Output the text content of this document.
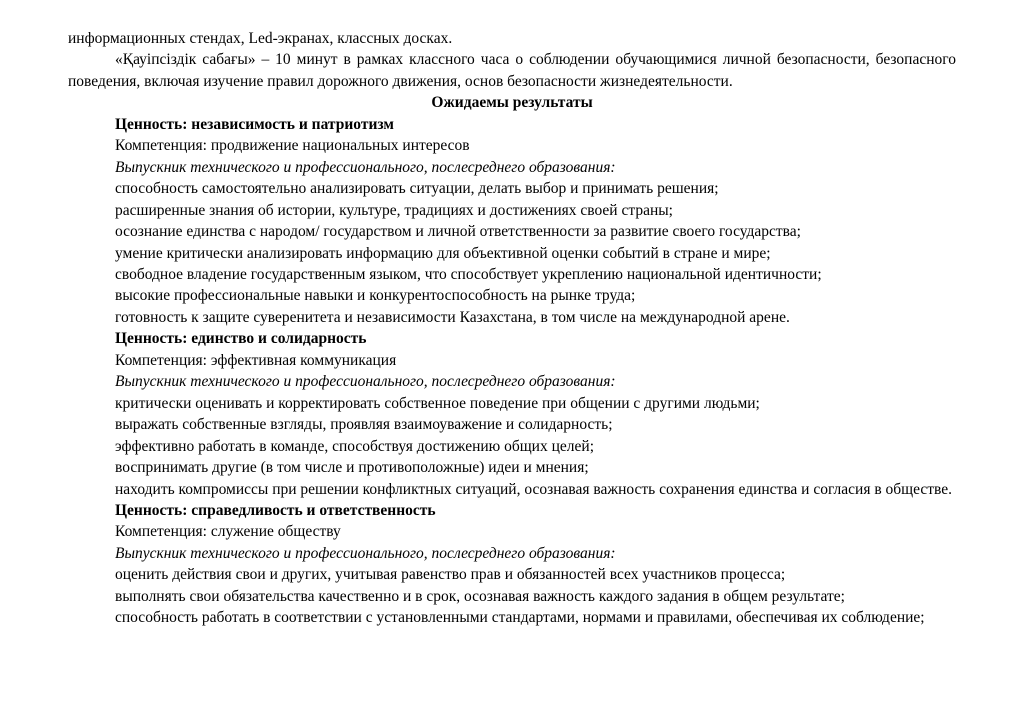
информационных стендах, Led-экранах, классных досках.

«Қауіпсіздік сабағы» – 10 минут в рамках классного часа о соблюдении обучающимися личной безопасности, безопасного поведения, включая изучение правил дорожного движения, основ безопасности жизнедеятельности.

Ожидаемы результаты

Ценность: независимость и патриотизм

Компетенция: продвижение национальных интересов

Выпускник технического и профессионального, послесреднего образования:

способность самостоятельно анализировать ситуации, делать выбор и принимать решения;

расширенные знания об истории, культуре, традициях и достижениях своей страны;

осознание единства с народом/ государством и личной ответственности за развитие своего государства;

умение критически анализировать информацию для объективной оценки событий в стране и мире;

свободное владение государственным языком, что способствует укреплению национальной идентичности;

высокие профессиональные навыки и конкурентоспособность на рынке труда;

готовность к защите суверенитета и независимости Казахстана, в том числе на международной арене.

Ценность: единство и солидарность

Компетенция: эффективная коммуникация

Выпускник технического и профессионального, послесреднего образования:

критически оценивать и корректировать собственное поведение при общении с другими людьми;

выражать собственные взгляды, проявляя взаимоуважение и солидарность;

эффективно работать в команде, способствуя достижению общих целей;

воспринимать другие (в том числе и противоположные) идеи и мнения;

находить компромиссы при решении конфликтных ситуаций, осознавая важность сохранения единства и согласия в обществе.

Ценность: справедливость и ответственность

Компетенция: служение обществу

Выпускник технического и профессионального, послесреднего образования:

оценить действия свои и других, учитывая равенство прав и обязанностей всех участников процесса;

выполнять свои обязательства качественно и в срок, осознавая важность каждого задания в общем результате;

способность работать в соответствии с установленными стандартами, нормами и правилами, обеспечивая их соблюдение;
